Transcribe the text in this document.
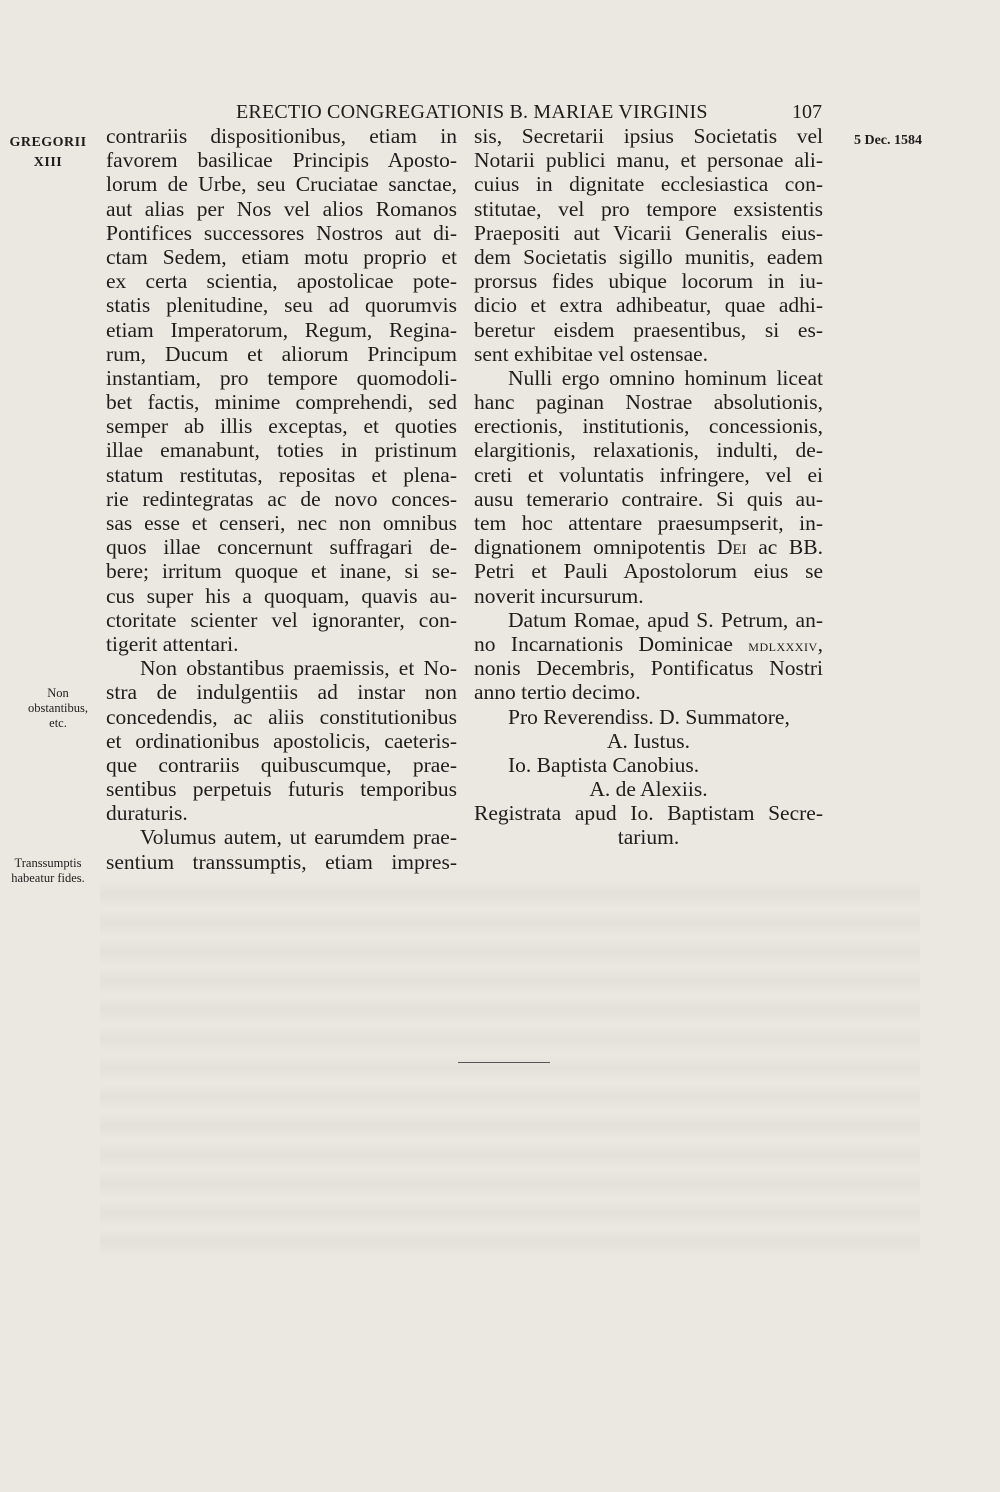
ERECTIO CONGREGATIONIS B. MARIAE VIRGINIS	107
GREGORII
XIII
5 Dec. 1584
Non
obstantibus,
etc.
Transsumptis
habeatur fides.
contrariis dispositionibus, etiam in
favorem basilicae Principis Aposto-
lorum de Urbe, seu Cruciatae sanctae,
aut alias per Nos vel alios Romanos
Pontifices successores Nostros aut di-
ctam Sedem, etiam motu proprio et
ex certa scientia, apostolicae pote-
statis plenitudine, seu ad quorumvis
etiam Imperatorum, Regum, Regina-
rum, Ducum et aliorum Principum
instantiam, pro tempore quomodoli-
bet factis, minime comprehendi, sed
semper ab illis exceptas, et quoties
illae emanabunt, toties in pristinum
statum restitutas, repositas et plena-
rie redintegratas ac de novo conces-
sas esse et censeri, nec non omnibus
quos illae concernunt suffragari de-
bere; irritum quoque et inane, si se-
cus super his a quoquam, quavis au-
ctoritate scienter vel ignoranter, con-
tigerit attentari.
Non obstantibus praemissis, et No-
stra de indulgentiis ad instar non
concedendis, ac aliis constitutionibus
et ordinationibus apostolicis, caeteris-
que contrariis quibuscumque, prae-
sentibus perpetuis futuris temporibus
duraturis.
Volumus autem, ut earumdem prae-
sentium transsumptis, etiam impres-
sis, Secretarii ipsius Societatis vel
Notarii publici manu, et personae ali-
cuius in dignitate ecclesiastica con-
stitutae, vel pro tempore exsistentis
Praepositi aut Vicarii Generalis eius-
dem Societatis sigillo munitis, eadem
prorsus fides ubique locorum in iu-
dicio et extra adhibeatur, quae adhi-
beretur eisdem praesentibus, si es-
sent exhibitae vel ostensae.
Nulli ergo omnino hominum liceat
hanc paginan Nostrae absolutionis,
erectionis, institutionis, concessionis,
elargitionis, relaxationis, indulti, de-
creti et voluntatis infringere, vel ei
ausu temerario contraire. Si quis au-
tem hoc attentare praesumpserit, in-
dignationem omnipotentis Dei ac BB.
Petri et Pauli Apostolorum eius se
noverit incursurum.
Datum Romae, apud S. Petrum, an-
no Incarnationis Dominicae mdlxxxiv,
nonis Decembris, Pontificatus Nostri
anno tertio decimo.
Pro Reverendiss. D. Summatore,
A. Iustus.
Io. Baptista Canobius.
A. de Alexiis.
Registrata apud Io. Baptistam Secre-
tarium.
